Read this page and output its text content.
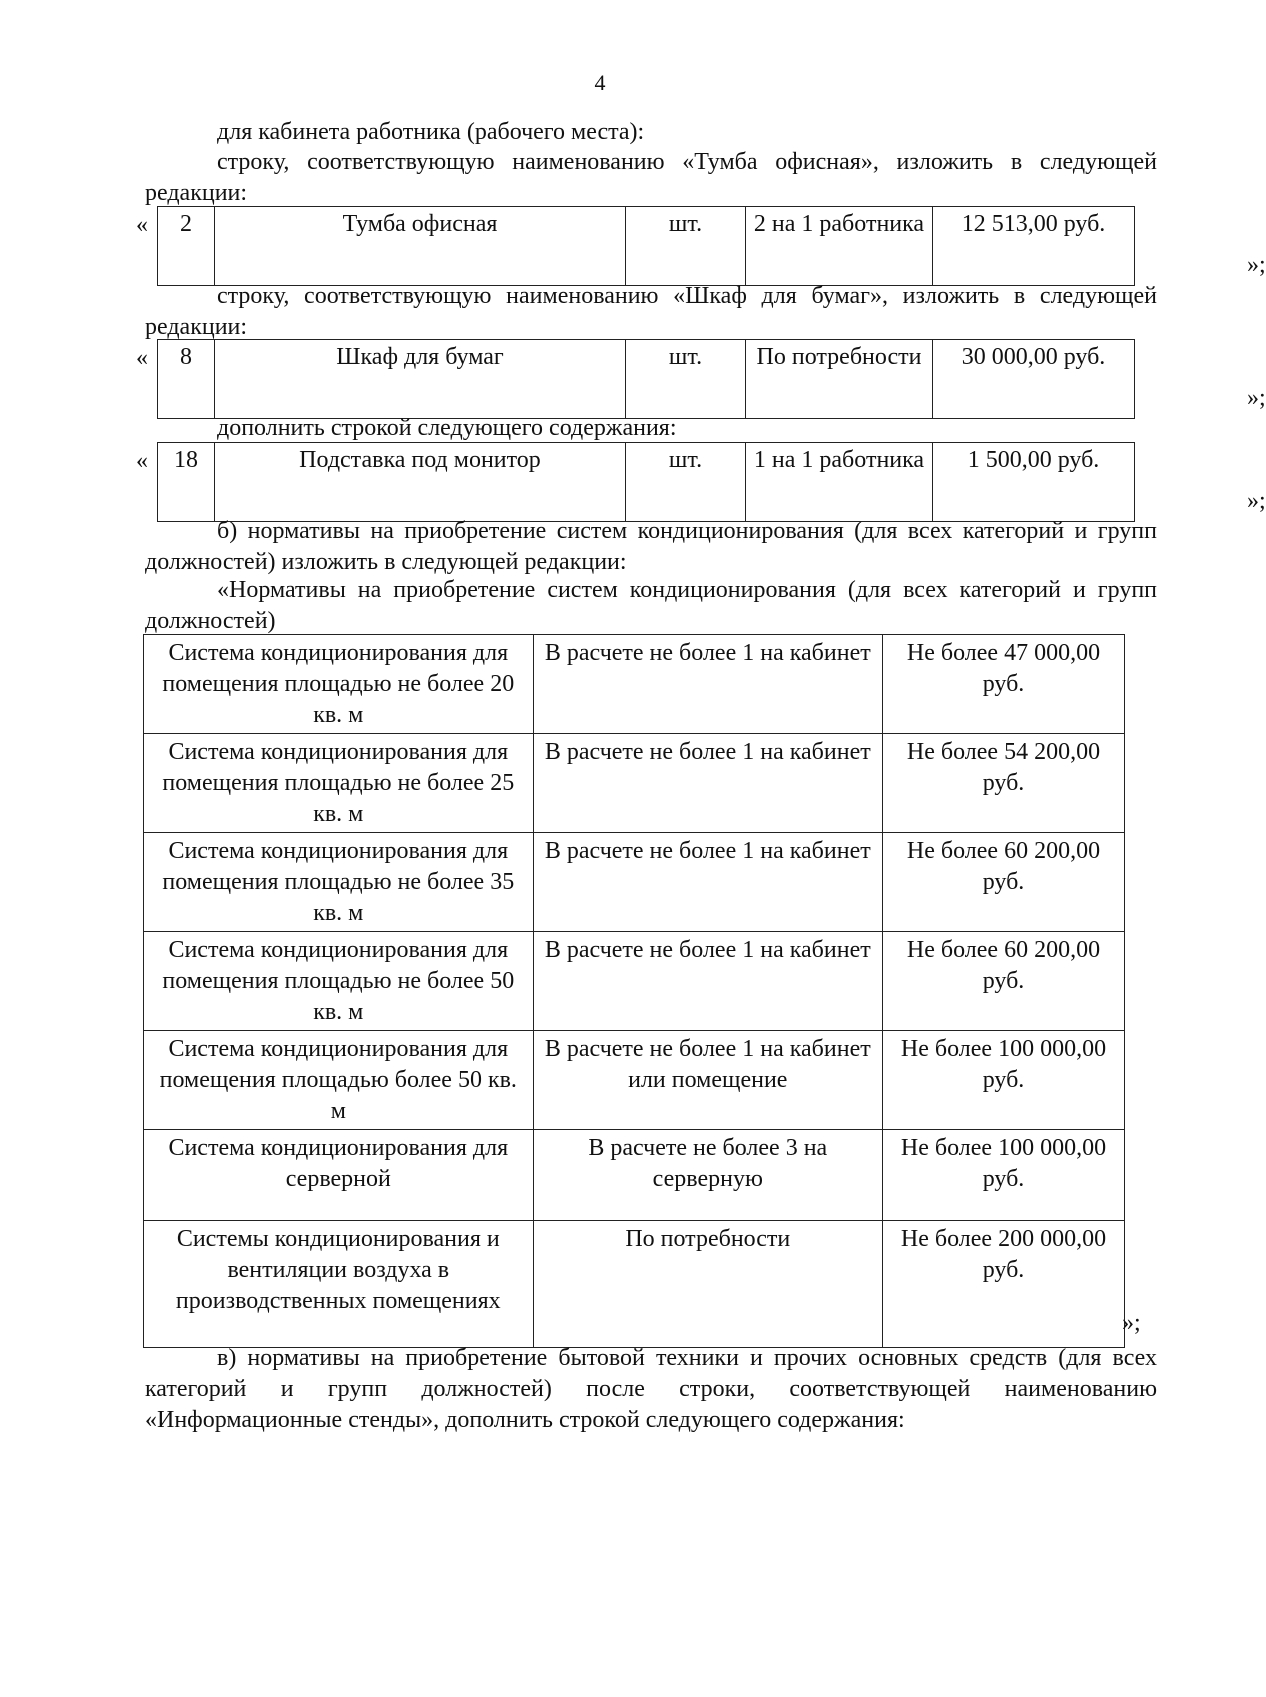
4

для кабинета работника (рабочего места):

строку, соответствующую наименованию «Тумба офисная», изложить в следующей редакции:

« 2	Тумба офисная	шт.	2 на 1 работника	12 513,00 руб.
»;

строку, соответствующую наименованию «Шкаф для бумаг», изложить в следующей редакции:

« 8	Шкаф для бумаг	шт.	По потребности	30 000,00 руб.
»;

дополнить строкой следующего содержания:

« 18	Подставка под монитор	шт.	1 на 1 работника	1 500,00 руб.
»;

б) нормативы на приобретение систем кондиционирования (для всех категорий и групп должностей) изложить в следующей редакции:

«Нормативы на приобретение систем кондиционирования (для всех категорий и групп должностей)

Система кондиционирования для помещения площадью не более 20 кв. м	В расчете не более 1 на кабинет	Не более 47 000,00 руб.
Система кондиционирования для помещения площадью не более 25 кв. м	В расчете не более 1 на кабинет	Не более 54 200,00 руб.
Система кондиционирования для помещения площадью не более 35 кв. м	В расчете не более 1 на кабинет	Не более 60 200,00 руб.
Система кондиционирования для помещения площадью не более 50 кв. м	В расчете не более 1 на кабинет	Не более 60 200,00 руб.
Система кондиционирования для помещения площадью более 50 кв. м	В расчете не более 1 на кабинет или помещение	Не более 100 000,00 руб.
Система кондиционирования для серверной	В расчете не более 3 на серверную	Не более 100 000,00 руб.
Системы кондиционирования и вентиляции воздуха в производственных помещениях	По потребности	Не более 200 000,00 руб.
»;

в) нормативы на приобретение бытовой техники и прочих основных средств (для всех категорий и групп должностей) после строки, соответствующей наименованию «Информационные стенды», дополнить строкой следующего содержания:
